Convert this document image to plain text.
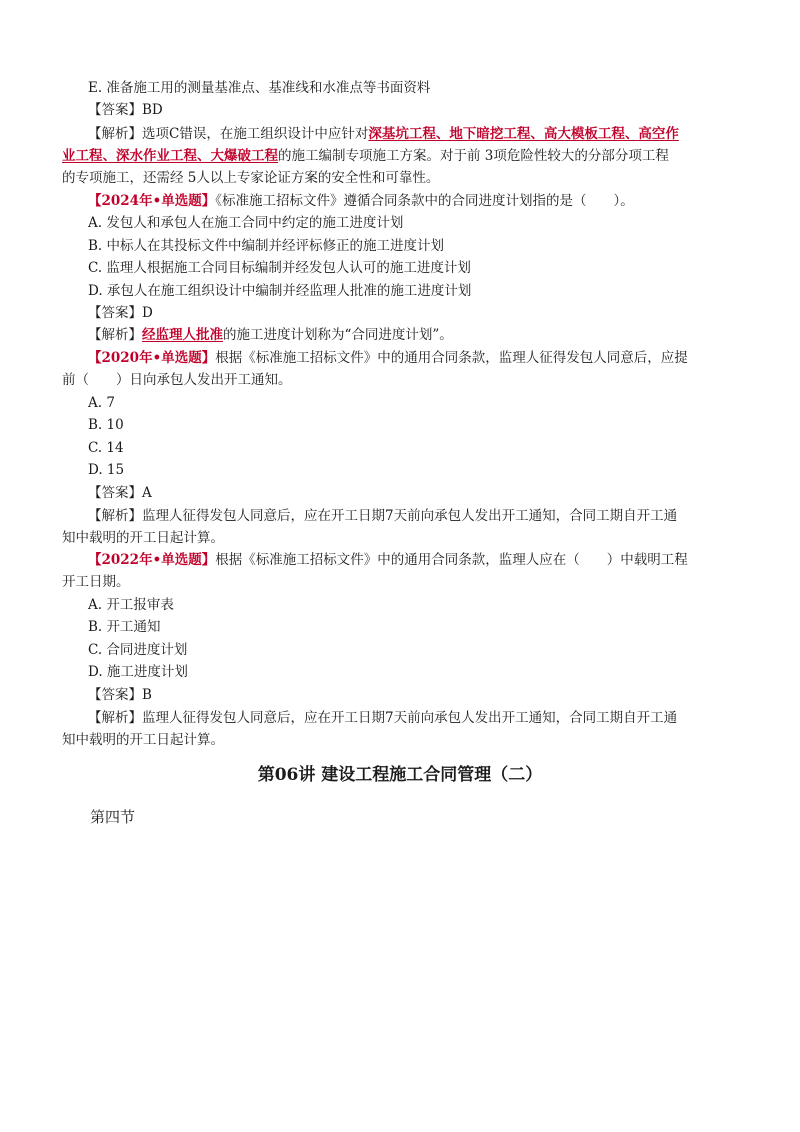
E. 准备施工用的测量基准点、基准线和水准点等书面资料
【答案】BD
【解析】选项C错误，在施工组织设计中应针对深基坑工程、地下暗挖工程、高大模板工程、高空作
业工程、深水作业工程、大爆破工程的施工编制专项施工方案。对于前 3项危险性较大的分部分项工程
的专项施工，还需经 5人以上专家论证方案的安全性和可靠性。
【2024年•单选题】《标准施工招标文件》遵循合同条款中的合同进度计划指的是（　　）。
A. 发包人和承包人在施工合同中约定的施工进度计划
B. 中标人在其投标文件中编制并经评标修正的施工进度计划
C. 监理人根据施工合同目标编制并经发包人认可的施工进度计划
D. 承包人在施工组织设计中编制并经监理人批准的施工进度计划
【答案】D
【解析】经监理人批准的施工进度计划称为“合同进度计划”。
【2020年•单选题】根据《标准施工招标文件》中的通用合同条款，监理人征得发包人同意后，应提
前（　　）日向承包人发出开工通知。
A. 7
B. 10
C. 14
D. 15
【答案】A
【解析】监理人征得发包人同意后，应在开工日期7天前向承包人发出开工通知，合同工期自开工通
知中载明的开工日起计算。
【2022年•单选题】根据《标准施工招标文件》中的通用合同条款，监理人应在（　　）中载明工程
开工日期。
A. 开工报审表
B. 开工通知
C. 合同进度计划
D. 施工进度计划
【答案】B
【解析】监理人征得发包人同意后，应在开工日期7天前向承包人发出开工通知，合同工期自开工通
知中载明的开工日起计算。
第06讲 建设工程施工合同管理（二）
第四节
